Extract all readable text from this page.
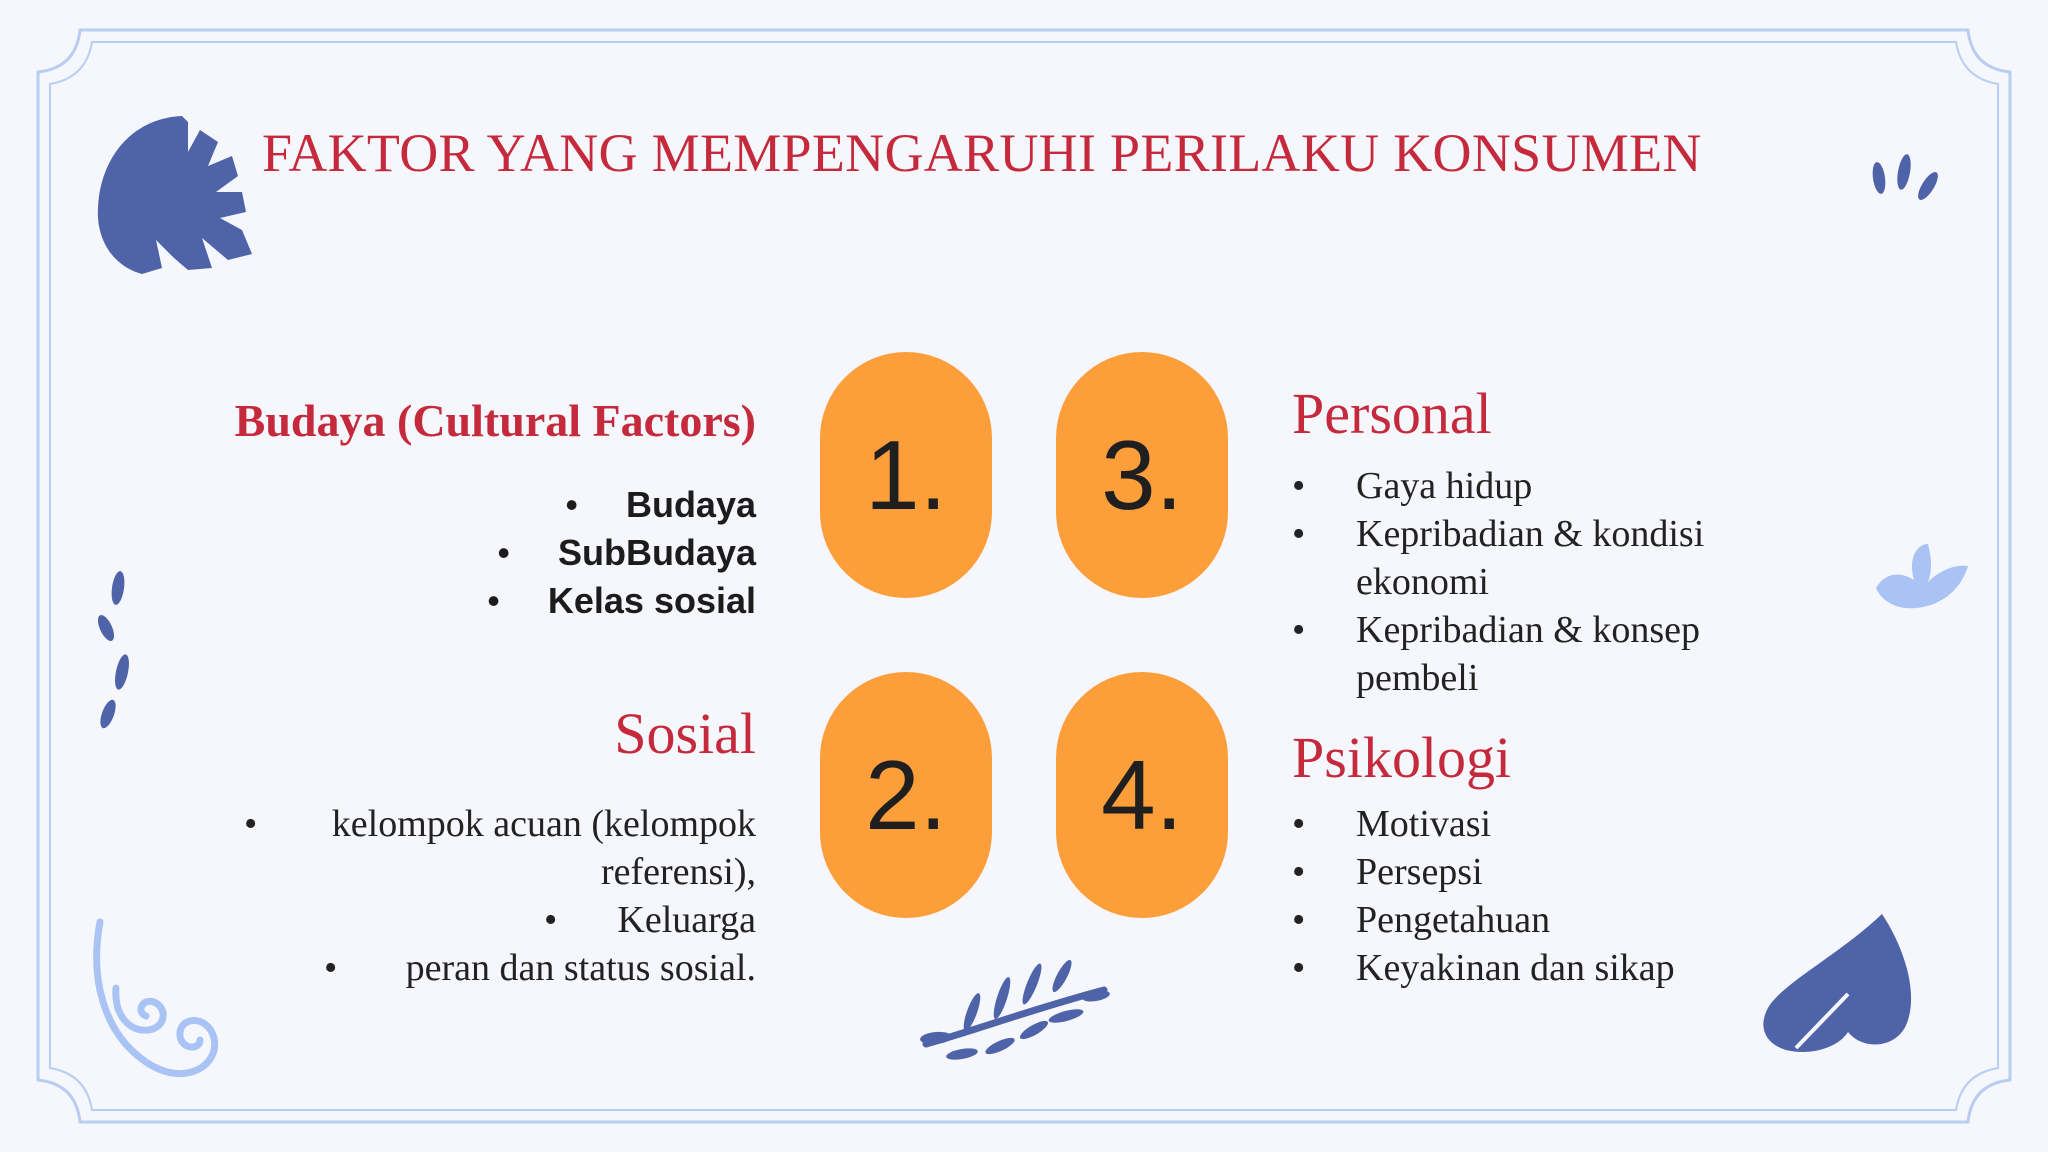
FAKTOR YANG MEMPENGARUHI PERILAKU KONSUMEN
1.
2.
3.
4.
Budaya (Cultural Factors)
• Budaya
• SubBudaya
• Kelas sosial
Sosial
• kelompok acuan (kelompok
referensi),
• Keluarga
• peran dan status sosial.
Personal
• Gaya hidup
• Kepribadian & kondisi
ekonomi
• Kepribadian & konsep
pembeli
Psikologi
• Motivasi
• Persepsi
• Pengetahuan
• Keyakinan dan sikap
